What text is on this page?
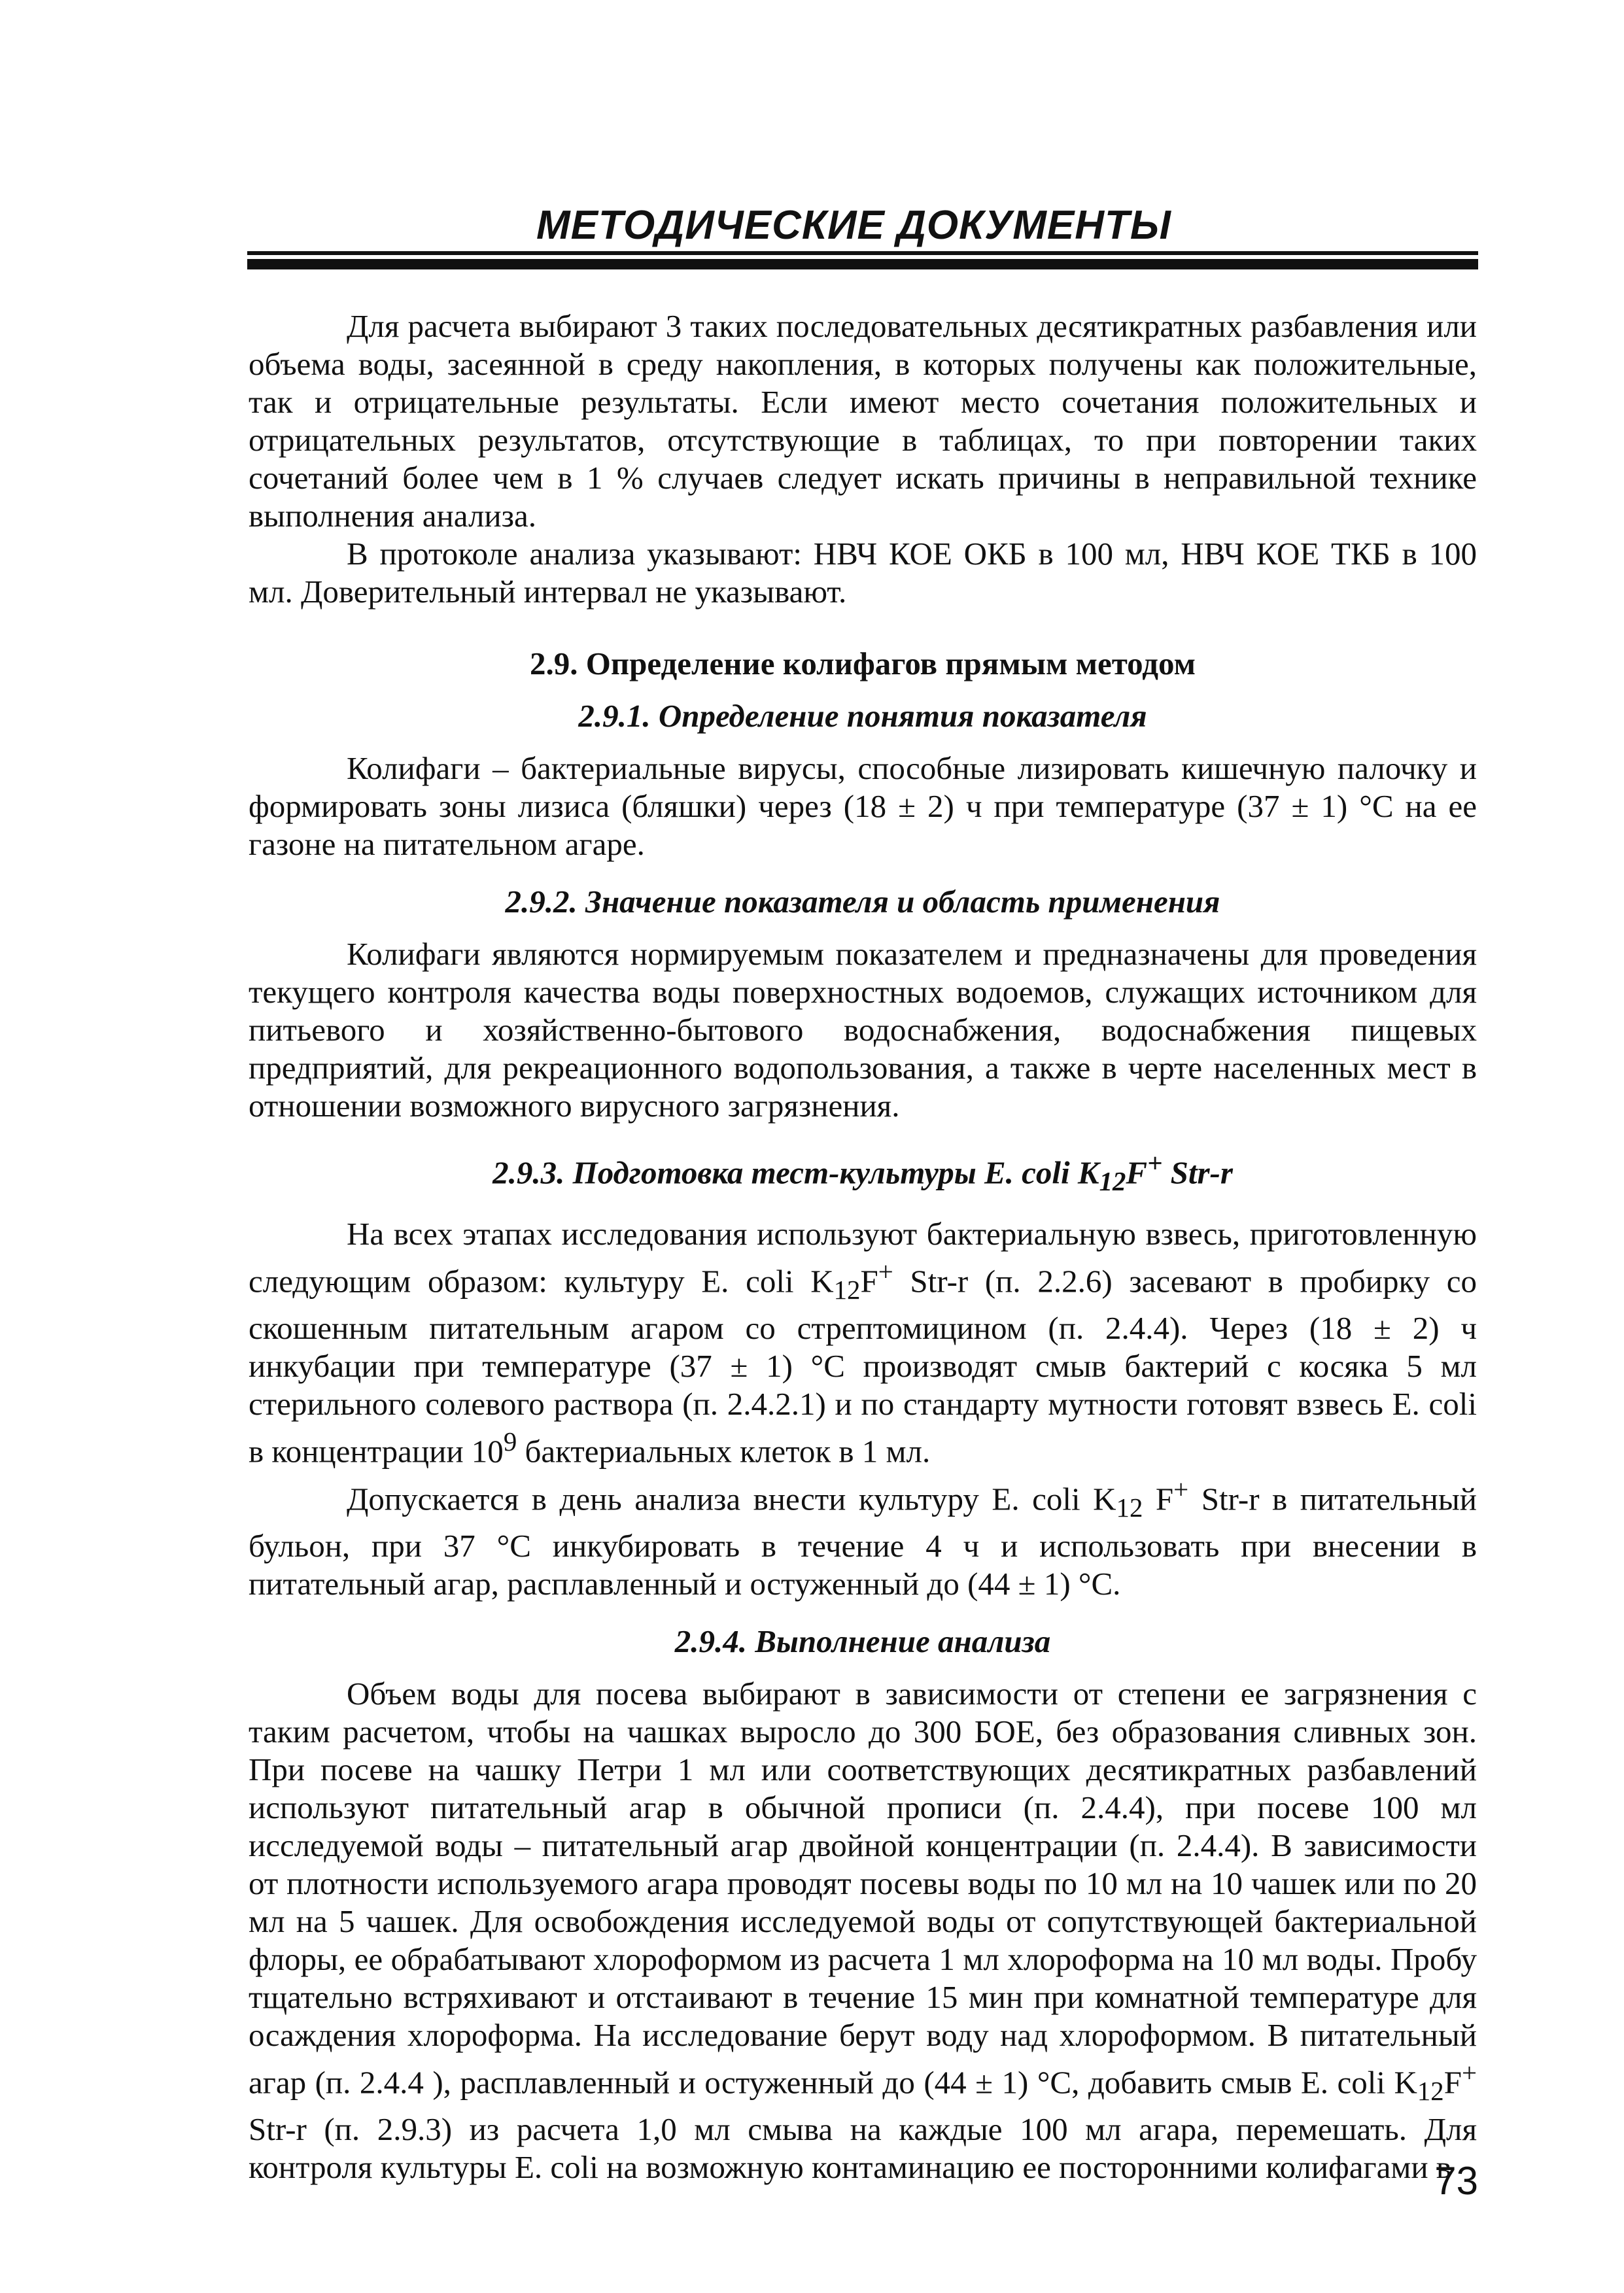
МЕТОДИЧЕСКИЕ ДОКУМЕНТЫ

Для расчета выбирают 3 таких последовательных десятикратных разбавления или объема воды, засеянной в среду накопления, в которых получены как положительные, так и отрицательные результаты. Если имеют место сочетания положительных и отрицательных результатов, отсутствующие в таблицах, то при повторении таких сочетаний более чем в 1 % случаев следует искать причины в неправильной технике выполнения анализа.

В протоколе анализа указывают: НВЧ КОЕ ОКБ в 100 мл, НВЧ КОЕ ТКБ в 100 мл. Доверительный интервал не указывают.

2.9. Определение колифагов прямым методом

2.9.1. Определение понятия показателя

Колифаги – бактериальные вирусы, способные лизировать кишечную палочку и формировать зоны лизиса (бляшки) через (18 ± 2) ч при температуре (37 ± 1) °С на ее газоне на питательном агаре.

2.9.2. Значение показателя и область применения

Колифаги являются нормируемым показателем и предназначены для проведения текущего контроля качества воды поверхностных водоемов, служащих источником для питьевого и хозяйственно-бытового водоснабжения, водоснабжения пищевых предприятий, для рекреационного водопользования, а также в черте населенных мест в отношении возможного вирусного загрязнения.

2.9.3. Подготовка тест-культуры E. coli $K_{12}F^+$ Str-r

На всех этапах исследования используют бактериальную взвесь, приготовленную следующим образом: культуру E. coli $K_{12}F^+$ Str-r (п. 2.2.6) засевают в пробирку со скошенным питательным агаром со стрептомицином (п. 2.4.4). Через (18 ± 2) ч инкубации при температуре (37 ± 1) °С производят смыв бактерий с косяка 5 мл стерильного солевого раствора (п. 2.4.2.1) и по стандарту мутности готовят взвесь E. coli в концентрации $10^9$ бактериальных клеток в 1 мл.

Допускается в день анализа внести культуру E. coli $K_{12}$ F+ Str-r в питательный бульон, при 37 °С инкубировать в течение 4 ч и использовать при внесении в питательный агар, расплавленный и остуженный до (44 ± 1) °С.

2.9.4. Выполнение анализа

Объем воды для посева выбирают в зависимости от степени ее загрязнения с таким расчетом, чтобы на чашках выросло до 300 БОЕ, без образования сливных зон. При посеве на чашку Петри 1 мл или соответствующих десятикратных разбавлений используют питательный агар в обычной прописи (п. 2.4.4), при посеве 100 мл исследуемой воды – питательный агар двойной концентрации (п. 2.4.4). В зависимости от плотности используемого агара проводят посевы воды по 10 мл на 10 чашек или по 20 мл на 5 чашек. Для освобождения исследуемой воды от сопутствующей бактериальной флоры, ее обрабатывают хлороформом из расчета 1 мл хлороформа на 10 мл воды. Пробу тщательно встряхивают и отстаивают в течение 15 мин при комнатной температуре для осаждения хлороформа. На исследование берут воду над хлороформом. В питательный агар (п. 2.4.4 ), расплавленный и остуженный до (44 ± 1) °С, добавить смыв E. coli $K_{12}F^+$ Str-r (п. 2.9.3) из расчета 1,0 мл смыва на каждые 100 мл агара, перемешать. Для контроля культуры E. coli на возможную контаминацию ее посторонними колифагами в

73
